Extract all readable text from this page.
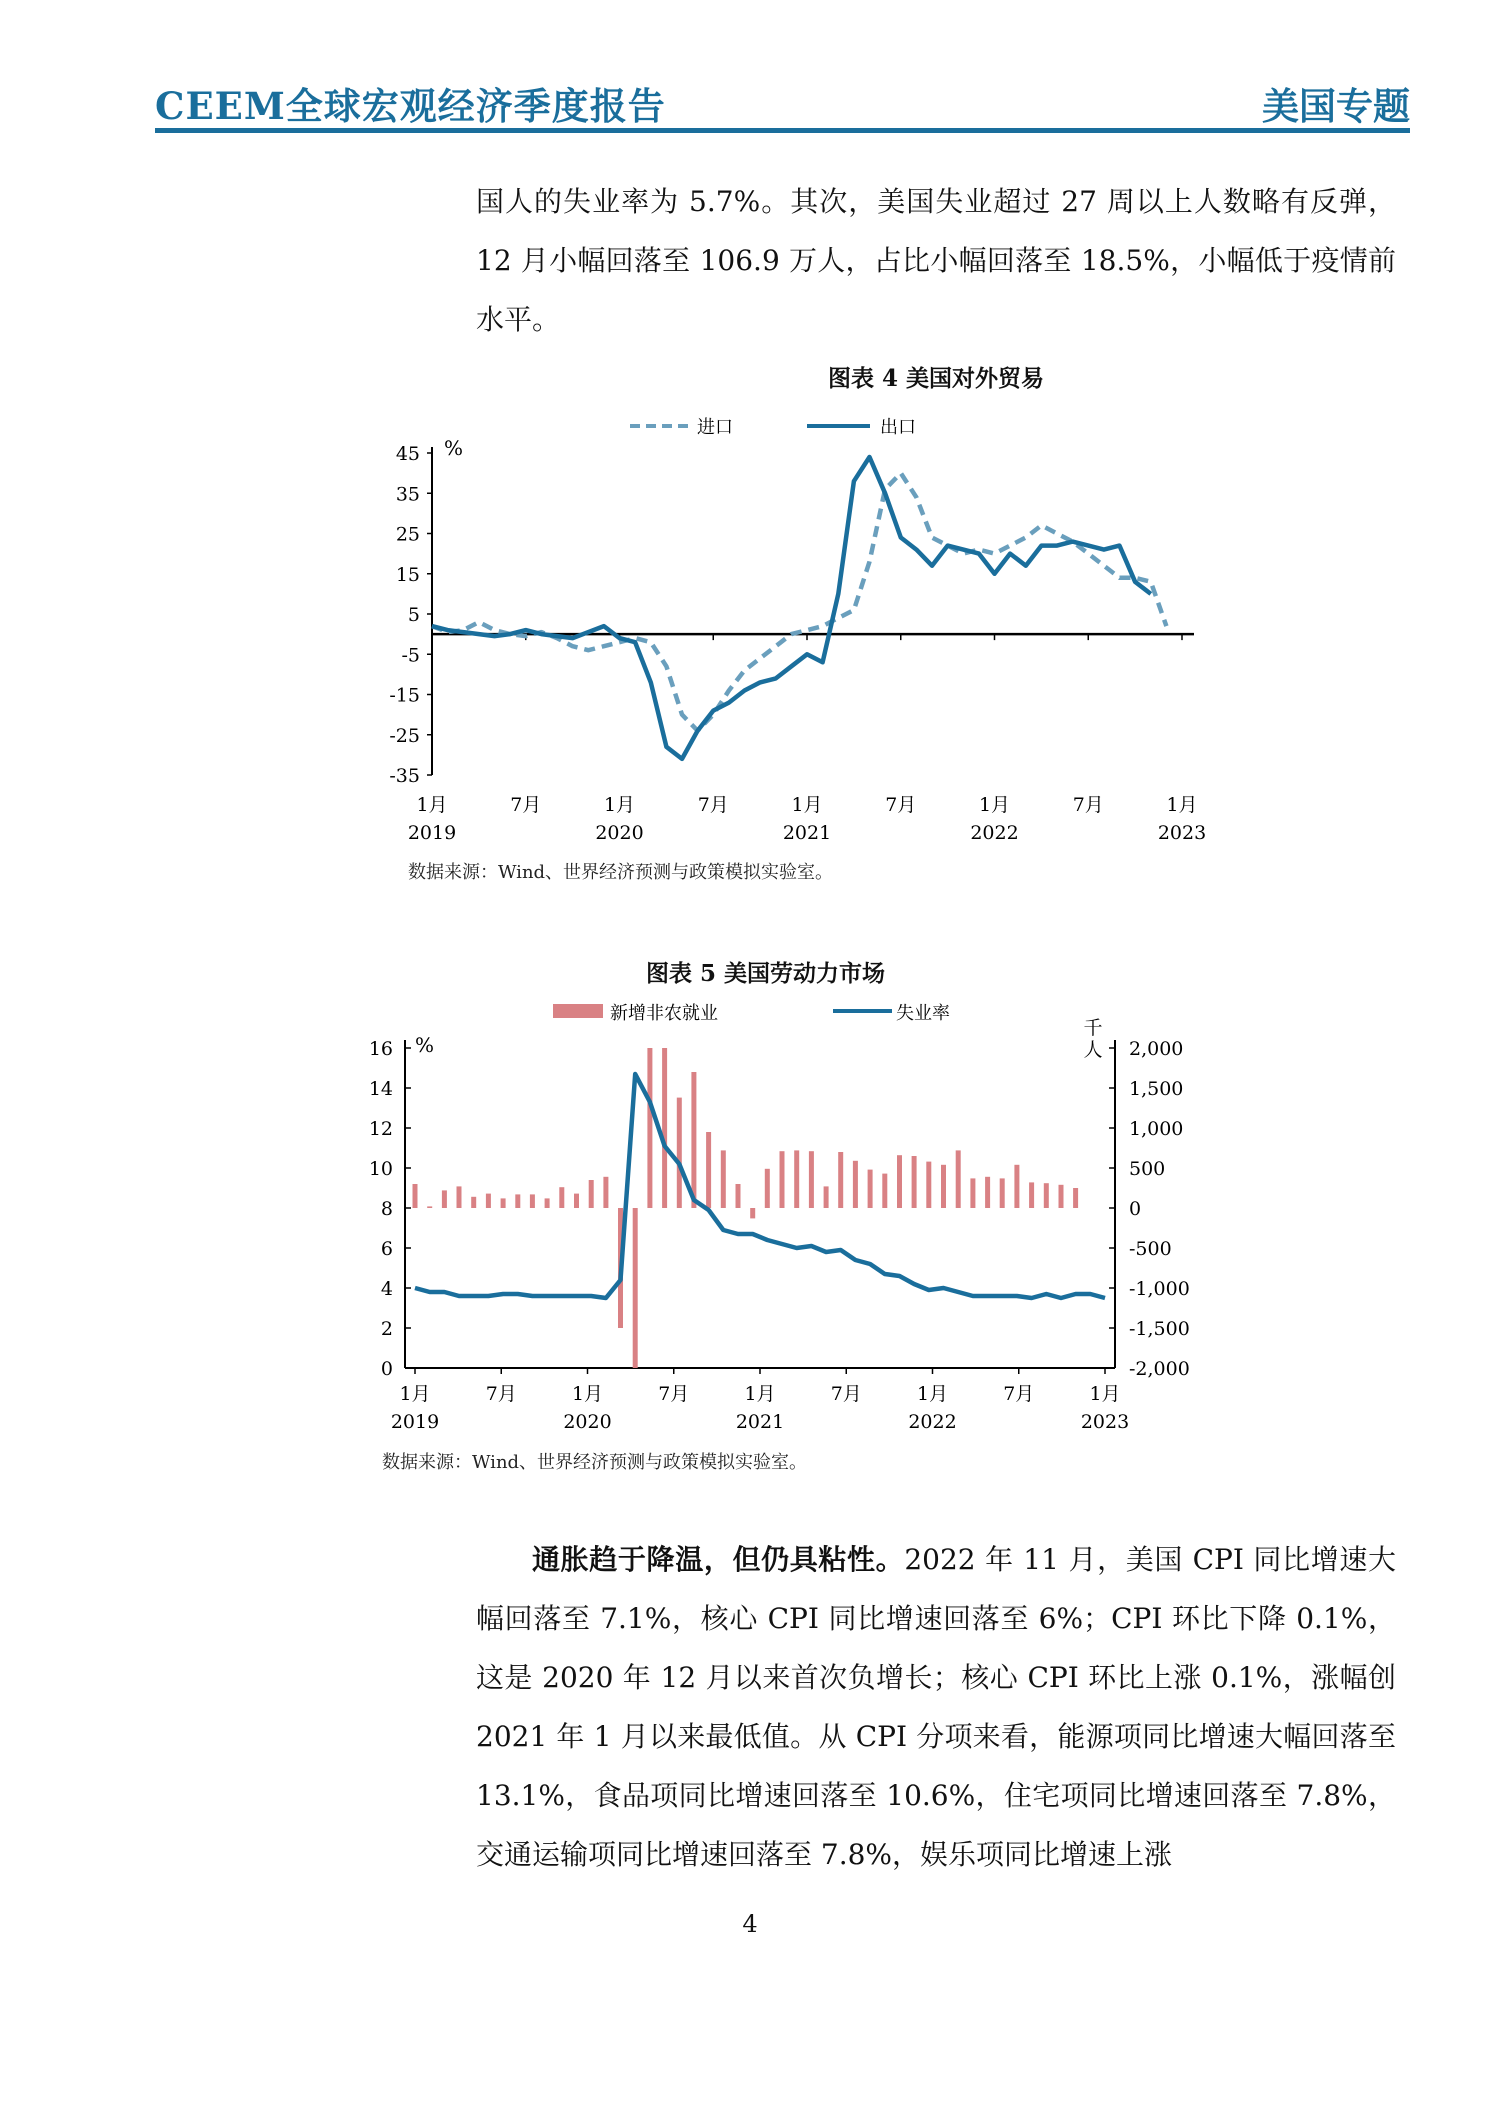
CEEM全球宏观经济季度报告	美国专题

国人的失业率为 5.7%。其次，美国失业超过 27 周以上人数略有反弹，12 月小幅回落至 106.9 万人，占比小幅回落至 18.5%，小幅低于疫情前水平。

图表 4 美国对外贸易
进口	出口
%
45
35
25
15
5
-5
-15
-25
-35
1月
2019
7月	1月
2020
7月	1月
2021
7月	1月
2022
7月	1月
2023
数据来源：Wind、世界经济预测与政策模拟实验室。
图表 5 美国劳动力市场
新增非农就业	失业率
%
16
14
12
10
8
6
4
2
0
千
人 2,000
1,500
1,000
500
0
-500
-1,000
-1,500
-2,000
1月
2019
7月	1月
2020
7月	1月
2021
7月	1月
2022
7月	1月
2023
数据来源：Wind、世界经济预测与政策模拟实验室。

通胀趋于降温，但仍具粘性。2022 年 11 月，美国 CPI 同比增速大幅回落至 7.1%，核心 CPI 同比增速回落至 6%；CPI 环比下降 0.1%，这是 2020 年 12 月以来首次负增长；核心 CPI 环比上涨 0.1%，涨幅创 2021 年 1 月以来最低值。从 CPI 分项来看，能源项同比增速大幅回落至 13.1%，食品项同比增速回落至 10.6%，住宅项同比增速回落至 7.8%，交通运输项同比增速回落至 7.8%，娱乐项同比增速上涨

4
